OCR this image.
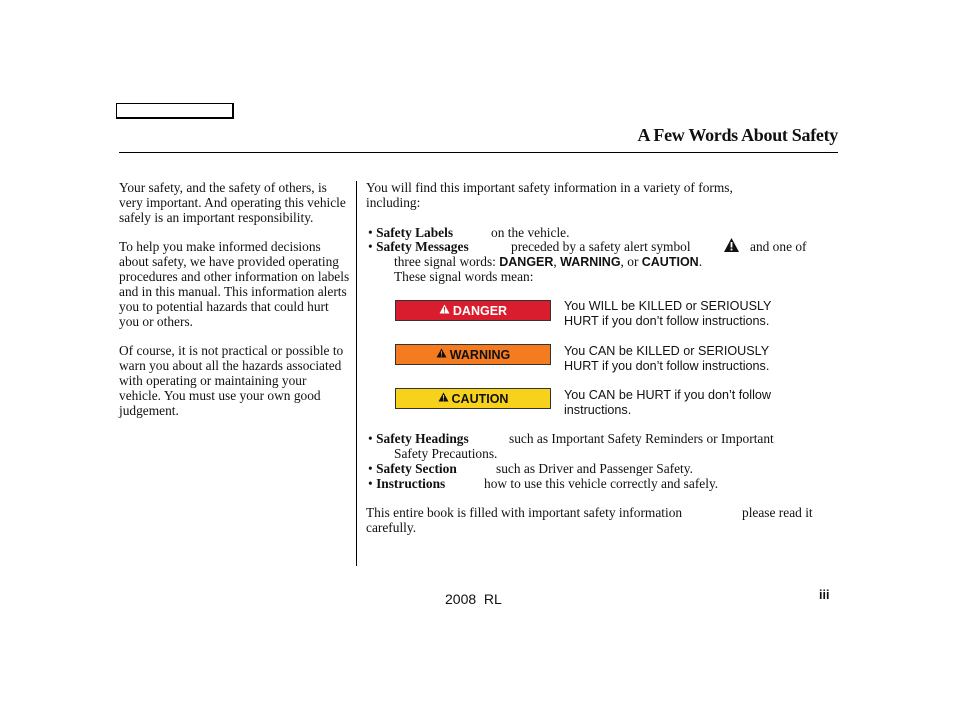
A Few Words About Safety

Your safety, and the safety of others, is very important. And operating this vehicle safely is an important responsibility.

To help you make informed decisions about safety, we have provided operating procedures and other information on labels and in this manual. This information alerts you to potential hazards that could hurt you or others.

Of course, it is not practical or possible to warn you about all the hazards associated with operating or maintaining your vehicle. You must use your own good judgement.

You will find this important safety information in a variety of forms,
including:
• Safety Labels	on the vehicle.
• Safety Messages	preceded by a safety alert symbol	and one of
three signal words: DANGER, WARNING, or CAUTION.
These signal words mean:
DANGER	You WILL be KILLED or SERIOUSLY
HURT if you don’t follow instructions.
WARNING	You CAN be KILLED or SERIOUSLY
HURT if you don’t follow instructions.
CAUTION	You CAN be HURT if you don’t follow
instructions.
• Safety Headings	such as Important Safety Reminders or Important
Safety Precautions.
• Safety Section	such as Driver and Passenger Safety.
• Instructions	how to use this vehicle correctly and safely.
This entire book is filled with important safety information	please read it
carefully.
2008  RL	iii
